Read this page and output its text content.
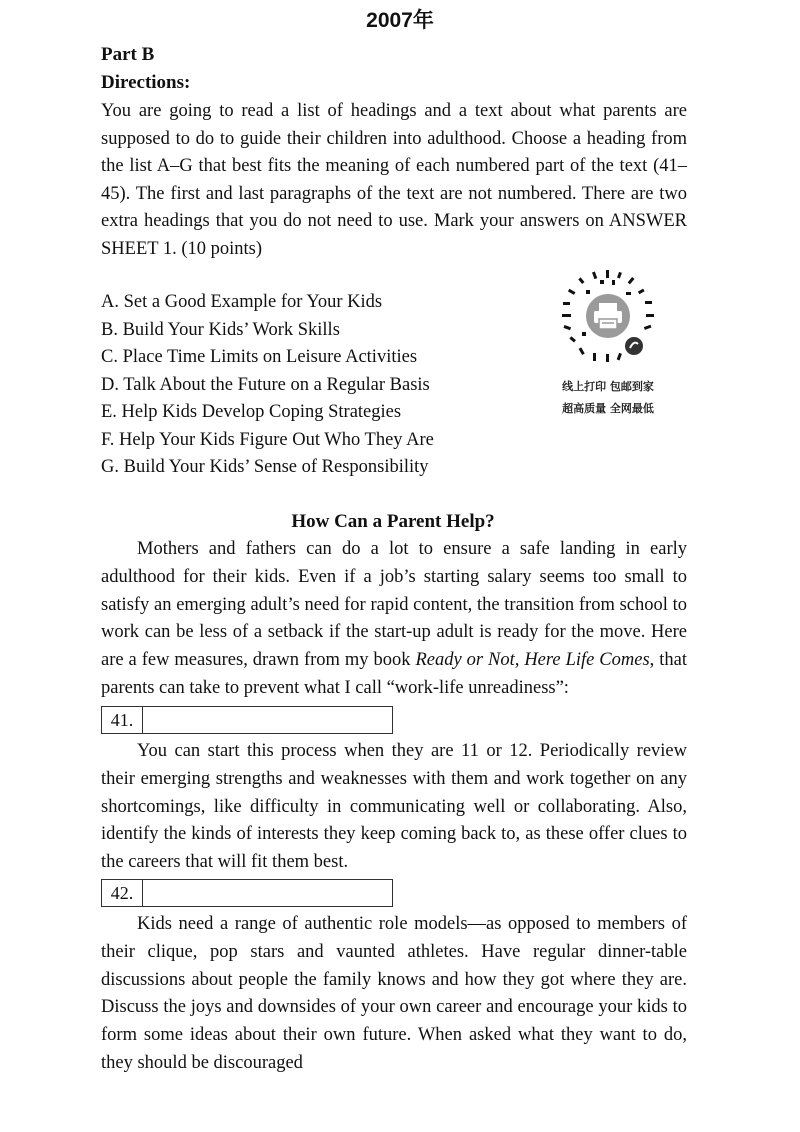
2007年
Part B
Directions:
You are going to read a list of headings and a text about what parents are supposed to do to guide their children into adulthood. Choose a heading from the list A–G that best fits the meaning of each numbered part of the text (41–45). The first and last paragraphs of the text are not numbered. There are two extra headings that you do not need to use. Mark your answers on ANSWER SHEET 1. (10 points)
A. Set a Good Example for Your Kids
B. Build Your Kids’ Work Skills
C. Place Time Limits on Leisure Activities
D. Talk About the Future on a Regular Basis
E. Help Kids Develop Coping Strategies
F. Help Your Kids Figure Out Who They Are
G. Build Your Kids’ Sense of Responsibility
线上打印 包邮到家
超高质量 全网最低
How Can a Parent Help?
Mothers and fathers can do a lot to ensure a safe landing in early adulthood for their kids. Even if a job’s starting salary seems too small to satisfy an emerging adult’s need for rapid content, the transition from school to work can be less of a setback if the start-up adult is ready for the move. Here are a few measures, drawn from my book Ready or Not, Here Life Comes, that parents can take to prevent what I call “work-life unreadiness”:
41.
You can start this process when they are 11 or 12. Periodically review their emerging strengths and weaknesses with them and work together on any shortcomings, like difficulty in communicating well or collaborating. Also, identify the kinds of interests they keep coming back to, as these offer clues to the careers that will fit them best.
42.
Kids need a range of authentic role models—as opposed to members of their clique, pop stars and vaunted athletes. Have regular dinner-table discussions about people the family knows and how they got where they are. Discuss the joys and downsides of your own career and encourage your kids to form some ideas about their own future. When asked what they want to do, they should be discouraged
